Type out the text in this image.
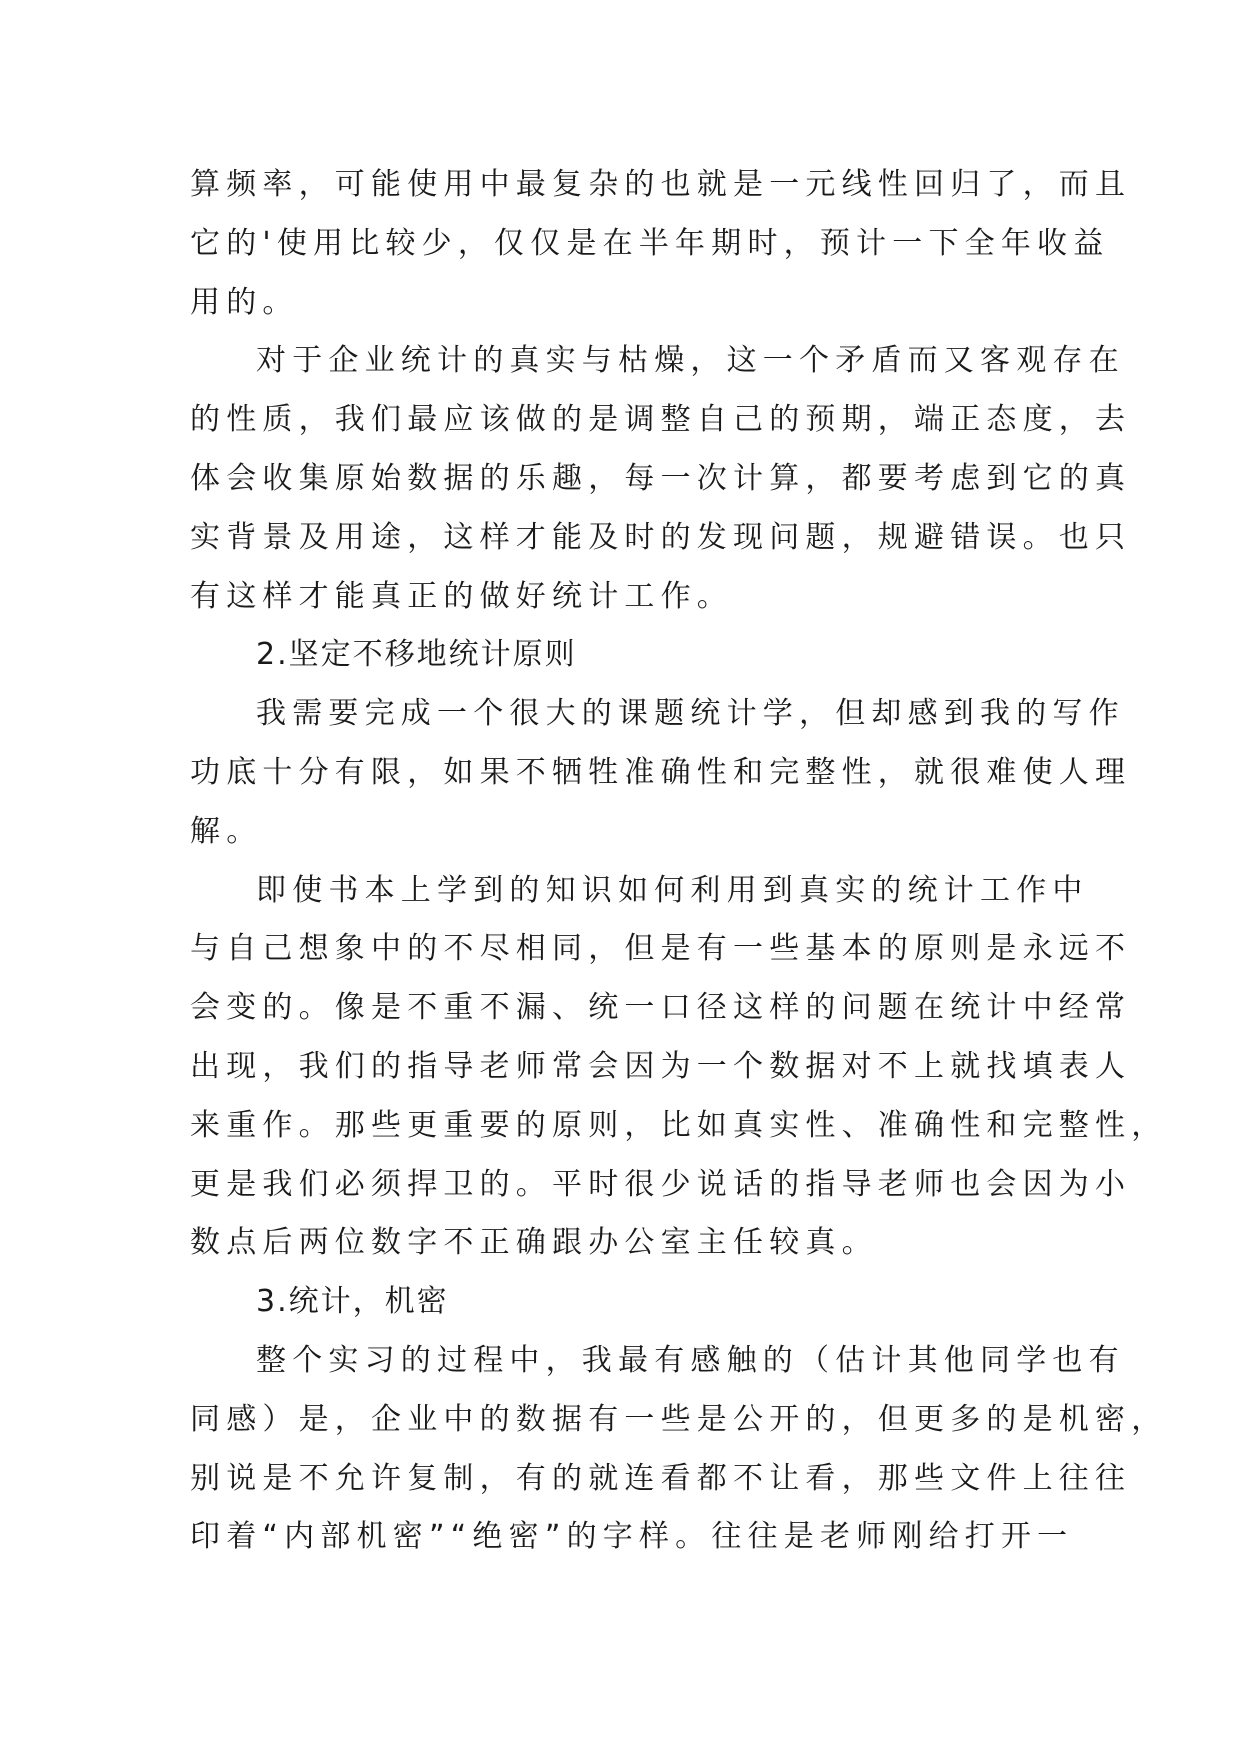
算频率，可能使用中最复杂的也就是一元线性回归了，而且
它的'使用比较少，仅仅是在半年期时，预计一下全年收益
用的。
对于企业统计的真实与枯燥，这一个矛盾而又客观存在
的性质，我们最应该做的是调整自己的预期，端正态度，去
体会收集原始数据的乐趣，每一次计算，都要考虑到它的真
实背景及用途，这样才能及时的发现问题，规避错误。也只
有这样才能真正的做好统计工作。
2.坚定不移地统计原则
我需要完成一个很大的课题统计学，但却感到我的写作
功底十分有限，如果不牺牲准确性和完整性，就很难使人理
解。
即使书本上学到的知识如何利用到真实的统计工作中
与自己想象中的不尽相同，但是有一些基本的原则是永远不
会变的。像是不重不漏、统一口径这样的问题在统计中经常
出现，我们的指导老师常会因为一个数据对不上就找填表人
来重作。那些更重要的原则，比如真实性、准确性和完整性，
更是我们必须捍卫的。平时很少说话的指导老师也会因为小
数点后两位数字不正确跟办公室主任较真。
3.统计，机密
整个实习的过程中，我最有感触的（估计其他同学也有
同感）是，企业中的数据有一些是公开的，但更多的是机密，
别说是不允许复制，有的就连看都不让看，那些文件上往往
印着“内部机密”“绝密”的字样。往往是老师刚给打开一
